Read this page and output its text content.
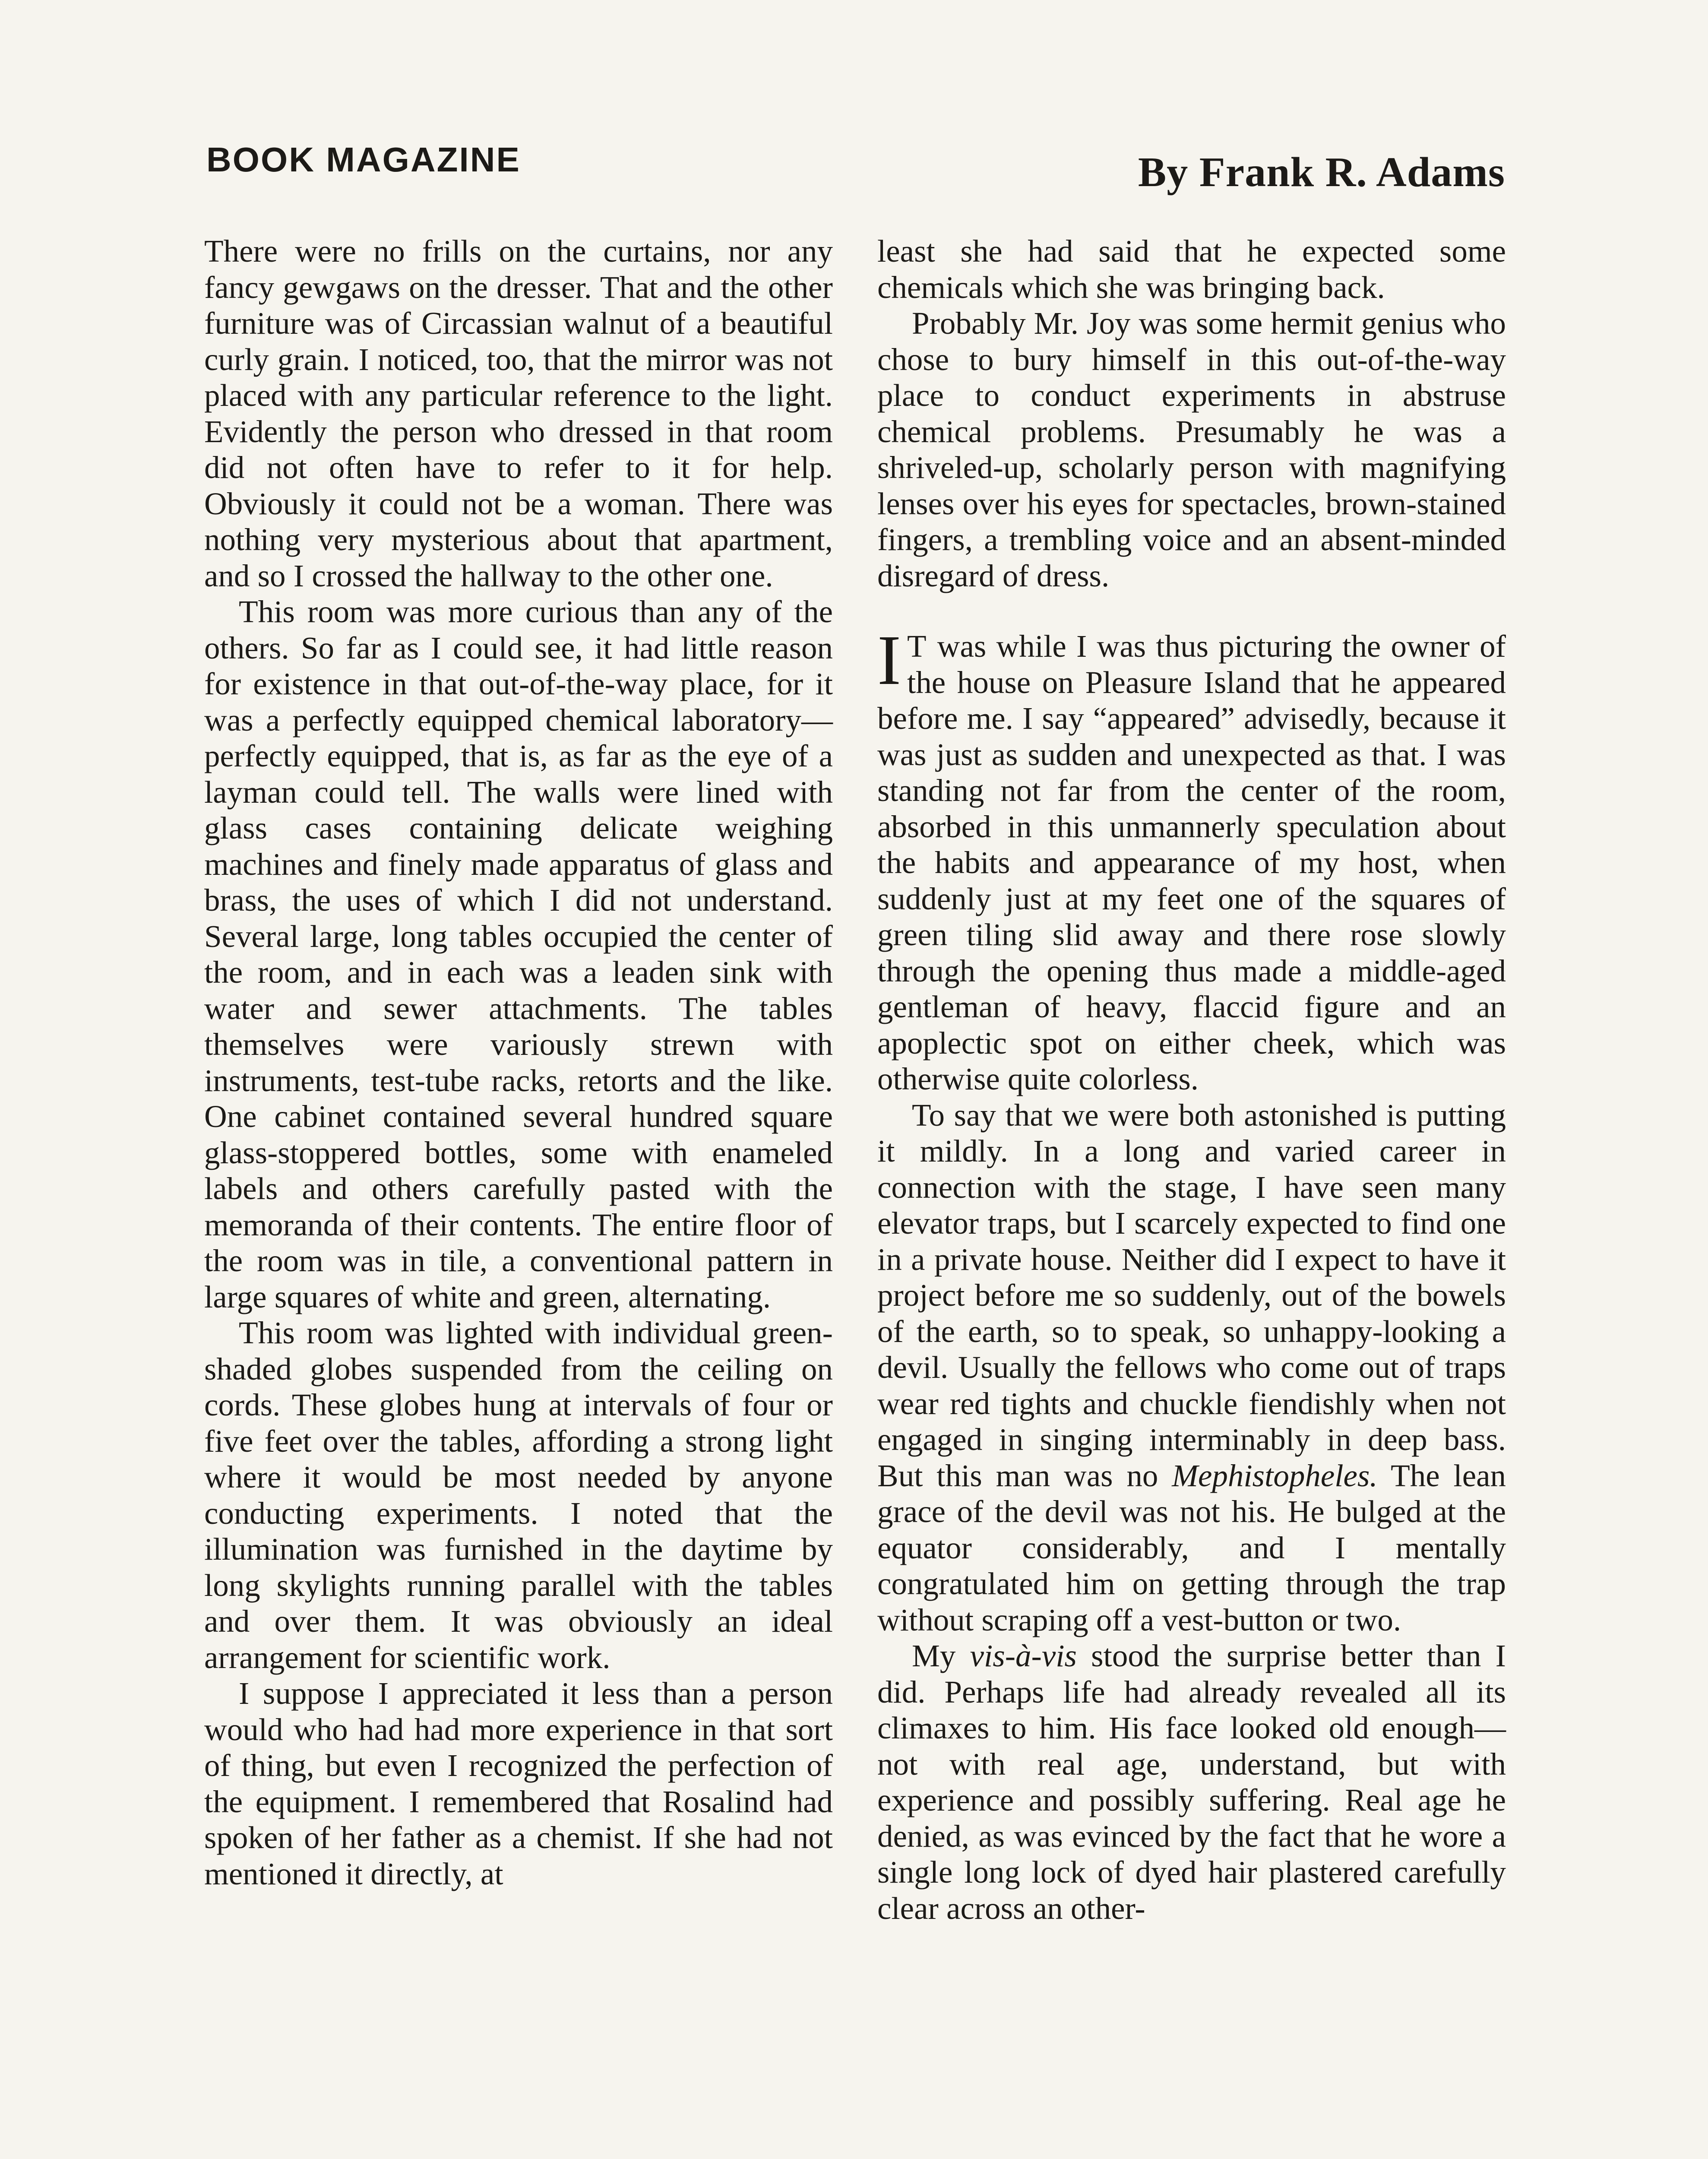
BOOK MAGAZINE	By Frank R. Adams

There were no frills on the curtains, nor any fancy gewgaws on the dresser. That and the other furniture was of Circassian walnut of a beautiful curly grain. I noticed, too, that the mirror was not placed with any particular reference to the light. Evidently the person who dressed in that room did not often have to refer to it for help. Obviously it could not be a woman. There was nothing very mysterious about that apartment, and so I crossed the hallway to the other one.

This room was more curious than any of the others. So far as I could see, it had little reason for existence in that out-of-the-way place, for it was a perfectly equipped chemical laboratory—perfectly equipped, that is, as far as the eye of a layman could tell. The walls were lined with glass cases containing delicate weighing machines and finely made apparatus of glass and brass, the uses of which I did not understand. Several large, long tables occupied the center of the room, and in each was a leaden sink with water and sewer attachments. The tables themselves were variously strewn with instruments, test-tube racks, retorts and the like. One cabinet contained several hundred square glass-stoppered bottles, some with enameled labels and others carefully pasted with the memoranda of their contents. The entire floor of the room was in tile, a conventional pattern in large squares of white and green, alternating.

This room was lighted with individual green-shaded globes suspended from the ceiling on cords. These globes hung at intervals of four or five feet over the tables, affording a strong light where it would be most needed by anyone conducting experiments. I noted that the illumination was furnished in the daytime by long skylights running parallel with the tables and over them. It was obviously an ideal arrangement for scientific work.

I suppose I appreciated it less than a person would who had had more experience in that sort of thing, but even I recognized the perfection of the equipment. I remembered that Rosalind had spoken of her father as a chemist. If she had not mentioned it directly, at

least she had said that he expected some chemicals which she was bringing back.

Probably Mr. Joy was some hermit genius who chose to bury himself in this out-of-the-way place to conduct experiments in abstruse chemical problems. Presumably he was a shriveled-up, scholarly person with magnifying lenses over his eyes for spectacles, brown-stained fingers, a trembling voice and an absent-minded disregard of dress.

I T was while I was thus picturing the owner of the house on Pleasure Island that he appeared before me. I say “appeared” advisedly, because it was just as sudden and unexpected as that. I was standing not far from the center of the room, absorbed in this unmannerly speculation about the habits and appearance of my host, when suddenly just at my feet one of the squares of green tiling slid away and there rose slowly through the opening thus made a middle-aged gentleman of heavy, flaccid figure and an apoplectic spot on either cheek, which was otherwise quite colorless.

To say that we were both astonished is putting it mildly. In a long and varied career in connection with the stage, I have seen many elevator traps, but I scarcely expected to find one in a private house. Neither did I expect to have it project before me so suddenly, out of the bowels of the earth, so to speak, so unhappy-looking a devil. Usually the fellows who come out of traps wear red tights and chuckle fiendishly when not engaged in singing interminably in deep bass. But this man was no Mephistopheles. The lean grace of the devil was not his. He bulged at the equator considerably, and I mentally congratulated him on getting through the trap without scraping off a vest-button or two.

My vis-à-vis stood the surprise better than I did. Perhaps life had already revealed all its climaxes to him. His face looked old enough—not with real age, understand, but with experience and possibly suffering. Real age he denied, as was evinced by the fact that he wore a single long lock of dyed hair plastered carefully clear across an other-
